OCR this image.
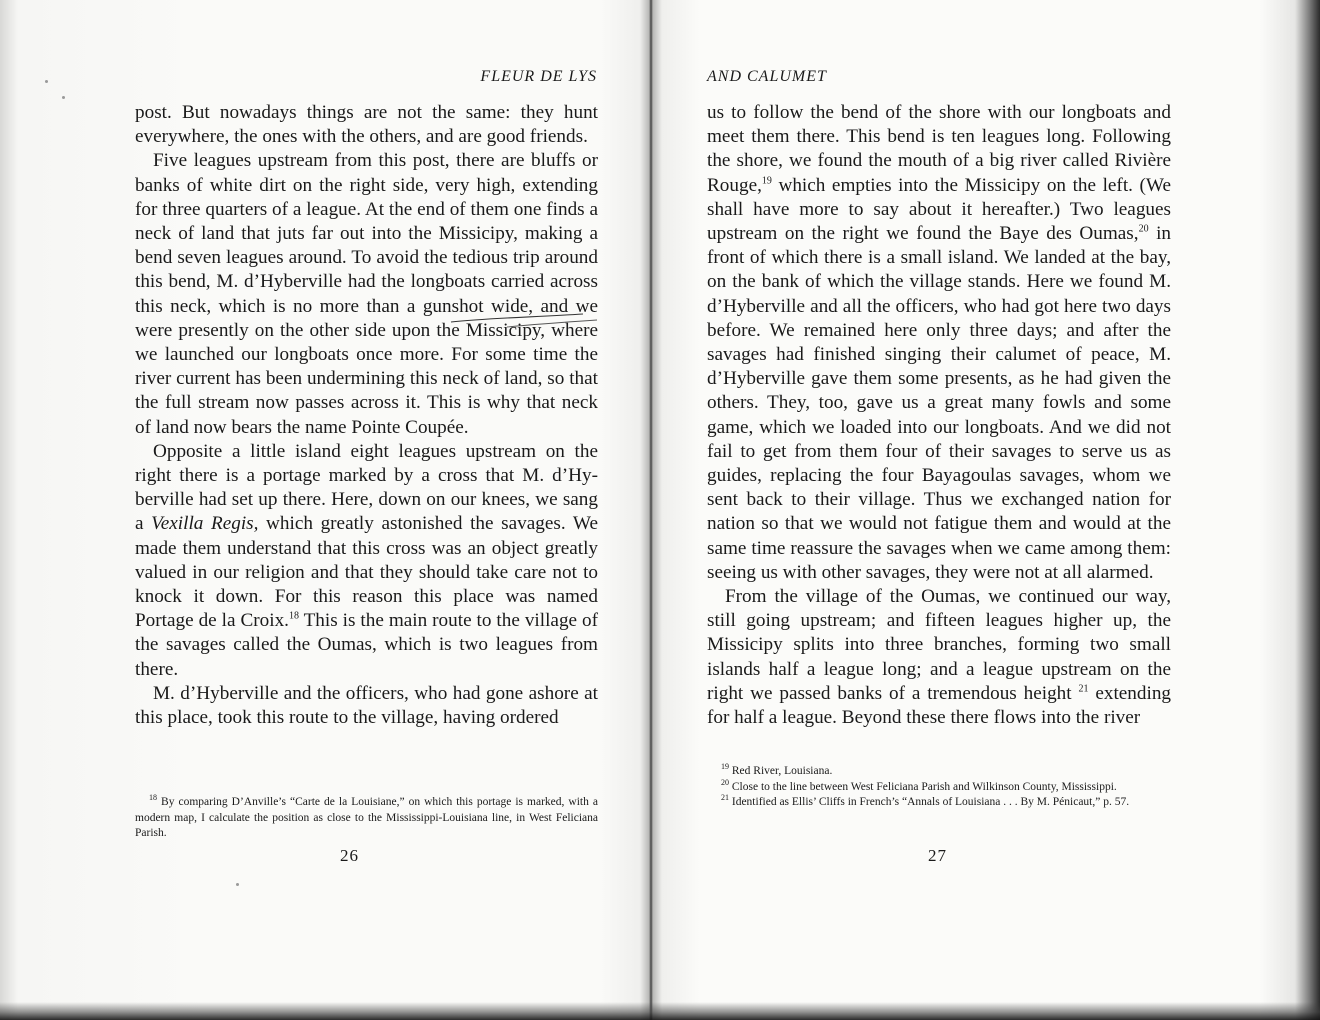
FLEUR DE LYS

post. But nowadays things are not the same: they hunt everywhere, the ones with the others, and are good friends.

Five leagues upstream from this post, there are bluffs or banks of white dirt on the right side, very high, extending for three quarters of a league. At the end of them one finds a neck of land that juts far out into the Missicipy, making a bend seven leagues around. To avoid the tedious trip around this bend, M. d’Hyberville had the longboats carried across this neck, which is no more than a gunshot wide, and we were presently on the other side upon the Missicipy, where we launched our longboats once more. For some time the river current has been undermining this neck of land, so that the full stream now passes across it. This is why that neck of land now bears the name Pointe Coupée.

Opposite a little island eight leagues upstream on the right there is a portage marked by a cross that M. d’Hyberville had set up there. Here, down on our knees, we sang a Vexilla Regis, which greatly astonished the savages. We made them understand that this cross was an object greatly valued in our religion and that they should take care not to knock it down. For this reason this place was named Portage de la Croix.$^{18}$ This is the main route to the village of the savages called the Oumas, which is two leagues from there.

M. d’Hyberville and the officers, who had gone ashore at this place, took this route to the village, having ordered

$^{18}$ By comparing D’Anville’s “Carte de la Louisiane,” on which this portage is marked, with a modern map, I calculate the position as close to the Mississippi-Louisiana line, in West Feliciana Parish.

26
AND CALUMET

us to follow the bend of the shore with our longboats and meet them there. This bend is ten leagues long. Following the shore, we found the mouth of a big river called Rivière Rouge,$^{19}$ which empties into the Missicipy on the left. (We shall have more to say about it hereafter.) Two leagues upstream on the right we found the Baye des Oumas,$^{20}$ in front of which there is a small island. We landed at the bay, on the bank of which the village stands. Here we found M. d’Hyberville and all the officers, who had got here two days before. We remained here only three days; and after the savages had finished singing their calumet of peace, M. d’Hyberville gave them some presents, as he had given the others. They, too, gave us a great many fowls and some game, which we loaded into our longboats. And we did not fail to get from them four of their savages to serve us as guides, replacing the four Bayagoulas savages, whom we sent back to their village. Thus we exchanged nation for nation so that we would not fatigue them and would at the same time reassure the savages when we came among them: seeing us with other savages, they were not at all alarmed.

From the village of the Oumas, we continued our way, still going upstream; and fifteen leagues higher up, the Missicipy splits into three branches, forming two small islands half a league long; and a league upstream on the right we passed banks of a tremendous height $^{21}$ extending for half a league. Beyond these there flows into the river

$^{19}$ Red River, Louisiana.

$^{20}$ Close to the line between West Feliciana Parish and Wilkinson County, Mississippi.

$^{21}$ Identified as Ellis’ Cliffs in French’s “Annals of Louisiana . . . By M. Pénicaut,” p. 57.

27
